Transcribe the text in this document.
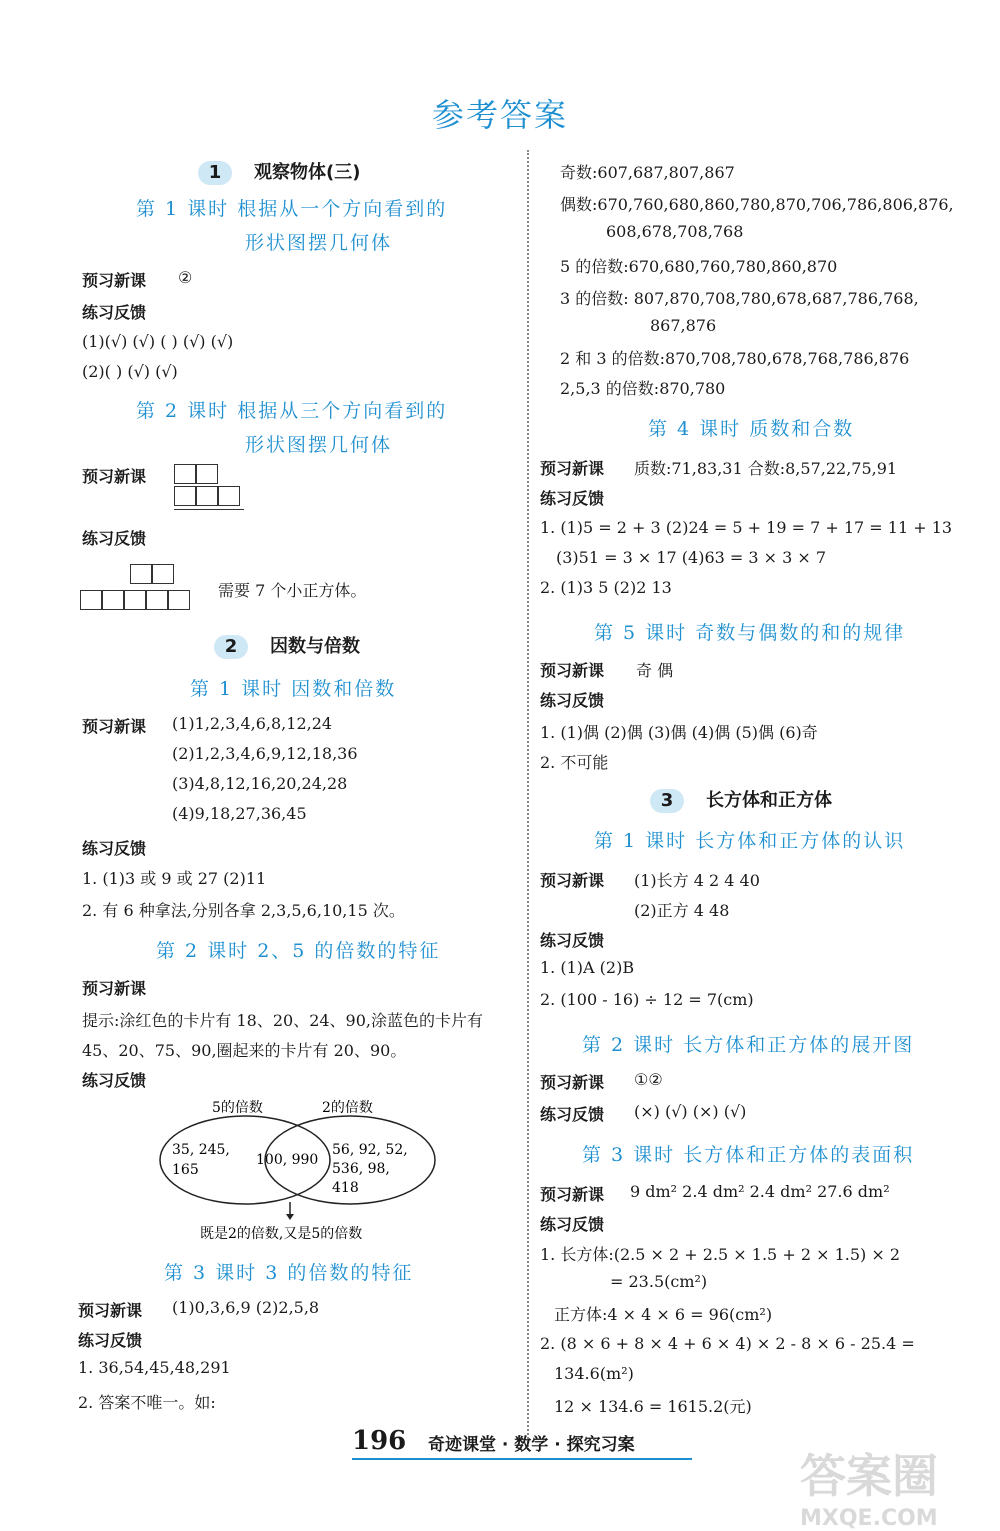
参考答案
1 观察物体(三)
第 1 课时 根据从一个方向看到的
形状图摆几何体
预习新课 ②
练习反馈
(1)(√) (√) ( ) (√) (√)
(2)( ) (√) (√)
第 2 课时 根据从三个方向看到的
形状图摆几何体
预习新课
练习反馈
需要 7 个小正方体。
2 因数与倍数
第 1 课时 因数和倍数
预习新课 (1)1,2,3,4,6,8,12,24
(2)1,2,3,4,6,9,12,18,36
(3)4,8,12,16,20,24,28
(4)9,18,27,36,45
练习反馈
1. (1)3 或 9 或 27 (2)11
2. 有 6 种拿法,分别各拿 2,3,5,6,10,15 次。
第 2 课时 2、5 的倍数的特征
预习新课
提示:涂红色的卡片有 18、20、24、90,涂蓝色的卡片有
45、20、75、90,圈起来的卡片有 20、90。
练习反馈
5的倍数	2的倍数
35, 245,
165
100, 990
56, 92, 52,
536, 98,
418
既是2的倍数,又是5的倍数
第 3 课时 3 的倍数的特征
预习新课 (1)0,3,6,9 (2)2,5,8
练习反馈
1. 36,54,45,48,291
2. 答案不唯一。如:
奇数:607,687,807,867
偶数:670,760,680,860,780,870,706,786,806,876,
608,678,708,768
5 的倍数:670,680,760,780,860,870
3 的倍数: 807,870,708,780,678,687,786,768,
867,876
2 和 3 的倍数:870,708,780,678,768,786,876
2,5,3 的倍数:870,780
第 4 课时 质数和合数
预习新课 质数:71,83,31 合数:8,57,22,75,91
练习反馈
1. (1)5 = 2 + 3 (2)24 = 5 + 19 = 7 + 17 = 11 + 13
(3)51 = 3 × 17 (4)63 = 3 × 3 × 7
2. (1)3 5 (2)2 13
第 5 课时 奇数与偶数的和的规律
预习新课 奇 偶
练习反馈
1. (1)偶 (2)偶 (3)偶 (4)偶 (5)偶 (6)奇
2. 不可能
3 长方体和正方体
第 1 课时 长方体和正方体的认识
预习新课 (1)长方 4 2 4 40
(2)正方 4 48
练习反馈
1. (1)A (2)B
2. (100 - 16) ÷ 12 = 7(cm)
第 2 课时 长方体和正方体的展开图
预习新课 ①②
练习反馈 (×) (√) (×) (√)
第 3 课时 长方体和正方体的表面积
预习新课 9 dm² 2.4 dm² 2.4 dm² 27.6 dm²
练习反馈
1. 长方体:(2.5 × 2 + 2.5 × 1.5 + 2 × 1.5) × 2
= 23.5(cm²)
正方体:4 × 4 × 6 = 96(cm²)
2. (8 × 6 + 8 × 4 + 6 × 4) × 2 - 8 × 6 - 25.4 =
134.6(m²)
12 × 134.6 = 1615.2(元)
196 奇迹课堂 · 数学 · 探究习案
答案圈
MXQE.COM
